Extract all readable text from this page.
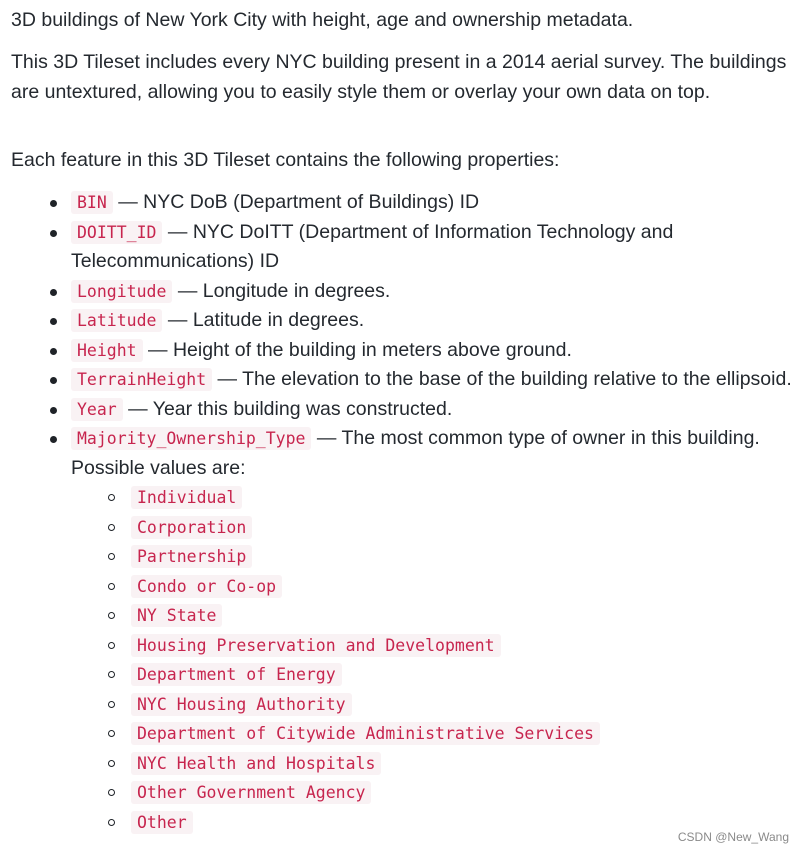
3D buildings of New York City with height, age and ownership metadata.

This 3D Tileset includes every NYC building present in a 2014 aerial survey. The buildings are untextured, allowing you to easily style them or overlay your own data on top.

Each feature in this 3D Tileset contains the following properties:

BIN — NYC DoB (Department of Buildings) ID
DOITT_ID — NYC DoITT (Department of Information Technology and Telecommunications) ID
Longitude — Longitude in degrees.
Latitude — Latitude in degrees.
Height — Height of the building in meters above ground.
TerrainHeight — The elevation to the base of the building relative to the ellipsoid.
Year — Year this building was constructed.
Majority_Ownership_Type — The most common type of owner in this building. Possible values are:
Individual
Corporation
Partnership
Condo or Co-op
NY State
Housing Preservation and Development
Department of Energy
NYC Housing Authority
Department of Citywide Administrative Services
NYC Health and Hospitals
Other Government Agency
Other
CSDN @New_Wang
